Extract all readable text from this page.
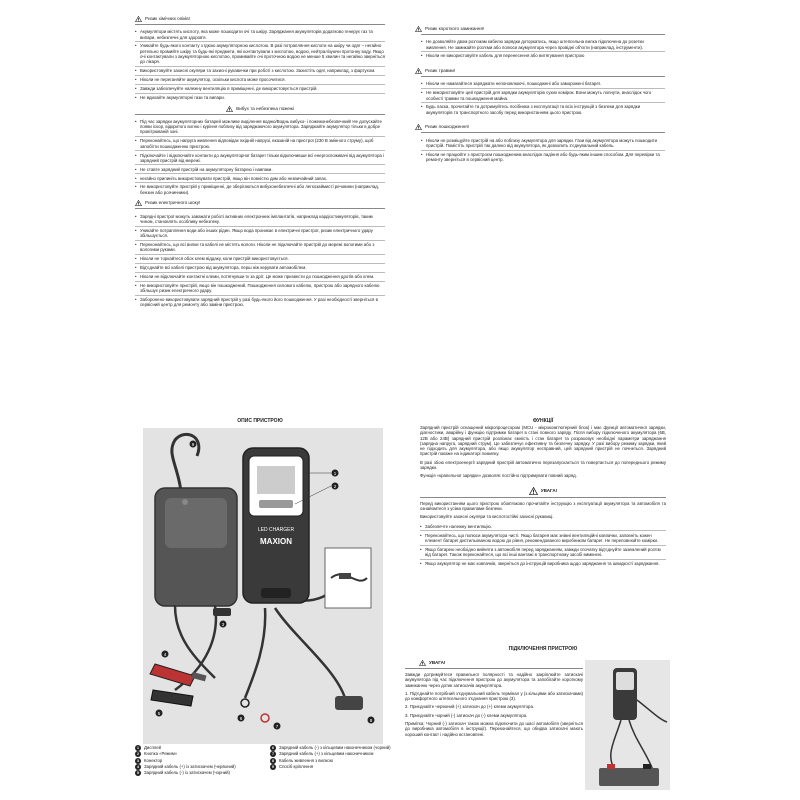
Ризик хімічних опіків!
• Акумулятори містять кислоту, яка може пошкодити очі та шкіру. Заряджання акумуляторів додатково генерує газ та випари, небезпечні для здоров'я.
• Уникайте будь-якого контакту з їдкою акумуляторною кислотою. В разі потрапляння кислоти на шкіру чи одяг – негайно ретельно промийте шкіру та будь-які предмети, які контактували з кислотою, водою, нейтралізуючи протонну воду. Якщо очі контактували з акумуляторною кислотою, промивайте очі проточною водою не менше 5 хвилин та негайно зверніться до лікаря.
• Використовуйте захисні окуляри та захисні рукавички при роботі з кислотою. Захистіть одяг, наприклад, з фартухом.
• Ніколи не переганяйте акумулятор, оскільки кислота може просочитися.
• Завжди забезпечуйте належну вентиляцію в приміщенні, де використовується пристрій.
• Не вдихайте акумуляторні гази та випари.
Вибух та небезпека пожежі
• Під час зарядки акумуляторних батарей можливе виділення водню/Воднь вибухо- і пожежонебезпечний! Не допускайте появи іскор, відкритого вогню і куріння поблизу від заряджаючого акумулятора. Заряджайте акумулятор тільки в добре провітрюваній зоні.
• Переконайтесь, що напруга живлення відповідає вхідній напрузі, вказаній на пристрої (230 В змінного струму), щоб запобігти пошкодженню пристрою.
• Підключайте і відключайте контакти до акумуляторної батареї тільки відключивши всі енергоспоживачі від акумулятора і зарядний пристрій від мережі.
• Не ставте зарядний пристрій на акумуляторну батарею і навпаки.
• негайно припиніть використовувати пристрій, якщо він повністю дим або незвичайний запах.
• Не використовуйте пристрій у приміщенні, де зберігаються вибухонебезпечні або легкозаймисті речовини (наприклад, бензин або розчинники).
Ризик електричного шоку!
• Зарядні пристрої можуть заважати роботі активних електронних імплантатів, наприклад кардіостимуляторів, таким чином, становлять особливу небезпеку.
• Уникайте потрапляння води або інших рідин. Якщо вода проникає в електричні пристрої, ризик електричного удару збільшується.
• Переконайтесь, що всі вилки та кабелі не містять вологи. Ніколи не підключайте пристрій до мережі вологими або з вологими руками.
• Ніколи не торкайтеся обох клем віддаку, коли пристрій використовується.
• Від'єднайте всі кабелі пристрою від акумулятора, перш ніж керувати автомобілем.
• Ніколи не відключайте контактні клеми, потягнувши їх за дріт. Це може призвести до пошкодження дротів або клем.
• Не використовуйте пристрій, якщо він пошкоджений. Пошкодження силового кабелю, пристрою або зарядного кабелю збільшує ризик електричного удару.
• Заборонено використовувати зарядний пристрій у разі будь-якого його пошкодження. У разі необхідності зверніться в сервісний центр для ремонту або заміни пристрою.
Ризик короткого замикання!
• Не дозволяйте двом роз'ємам кабелю зарядки доторкатись, якщо штепсельна вилка підключена до розетки живлення. Не замикайте роз'єми або полюси акумулятора через провідні об'єкти (наприклад, інструменти).
• Ніколи не використовуйте кабель для перенесення або витягування пристрою
Ризик травми!
• Ніколи не намагайтеся заряджати непоновлюючі, пошкоджені або заморожені батареї.
• Не використовуйте цей пристрій для зарядки акумуляторів сухих комірок. Вони можуть лопнути, внаслідок чого особисті травми та пошкодження майна.
• Будь ласка, прочитайте та дотримуйтесь посібника з експлуатації та всіх інструкцій з безпеки для зарядки акумуляторів та транспортного засобу перед використанням цього пристрою.
Ризик пошкодження!
• Ніколи не розміщуйте пристрій на або поблизу акумулятора для зарядки. Гази від акумулятора можуть пошкодити пристрій. Помістіть пристрій так далеко від акумулятора, як дозволить з'єднувальний кабель.
• Ніколи не працюйте з пристроєм пошкодженим внаслідок падіння або будь-яким іншим способом. Для перевірки та ремонту зверніться в сервісний центр.
ОПИС ПРИСТРОЮ
LED CHARGER
MAXION
1
2
3
4
5
6
7
8
9
1	Дисплей
2	Кнопка «Режим»
3	Конектор
4	Зарядний кабель (+) із затискачем (червоний)
5	Зарядний кабель (-) із затискачем (чорний)
6	Зарядний кабель (-) з кільцевим наконечником (чорний)
7	Зарядний кабель (+) з кільцевим наконечником
8	Кабель живлення з вилкою
9	Спосіб кріплення
ФУНКЦІЇ
Зарядний пристрій оснащений мікропроцесором (MCU - мікрокомп'ютерний блок) і має функції автоматичної зарядки, діагностики, аварійну і функцію підтримки батареї в стані повного заряду. Після вибору підключеного акумулятора (6В, 12В або 24В) зарядний пристрій розпізнає ємність і стан батареї та розраховує необхідні параметри заряджання (зарядна напруга, зарядний струм). Це забезпечує ефективну та безпечну зарядку. У разі вибору режиму зарядки, який не підходить для акумулятора, або якщо акумулятор несправний, цей зарядний пристрій не почнеться. Зарядний пристрій покаже на індикаторі помилку.
В разі збою електроенергії зарядний пристрій автоматично перезапускається та повертається до попереднього режиму зарядки.
Функція «крапельної зарядки» дозволяє постійно підтримувати повний заряд.
УВАГА!
Перед використанням цього пристрою обов'язково прочитайте інструкцію з експлуатації акумулятора та автомобіля та ознайомтеся з усіма правилами безпеки.
Використовуйте захисні окуляри та кислотостійкі захисні рукавиці.
• Забезпечте належну вентиляцію.
• Переконайтесь, що полюси акумулятора чисті. Якщо батарея має знімні вентиляційні ковпачки, заповніть кожен елемент батареї дистильованою водою до рівня, рекомендованого виробником батареї. Не переповнюйте комірки.
• Якщо батарею необхідно вийняти з автомобіля перед заряджанням, завжди спочатку від'єднуйте заземлений роз'єм від батареї. Також переконайтеся, що всі інші вантажі в транспортному засобі вимкнені.
• Якщо акумулятор не має ковпачків, зверніться до інструкцій виробника щодо заряджання та швидкості заряджання.
ПІДКЛЮЧЕННЯ ПРИСТРОЮ
УВАГА!
Завжди дотримуйтеся правильної полярності та надійно закріплюйте затискачі акумулятора під час підключення пристрою до акумулятора та запобігайте короткому замиканню через дотик затискачів акумулятора.
1. Під'єднайте потрібний з'єднувальний кабель термінал у (з кільцями або затискачами) до комфортного штепсельного з'єднання пристрою (3).
2. Приєднайте червоний (+) затискач до (+) клеми акумулятора.
3. Приєднайте чорний (-) затискач до (-) клеми акумулятора.
Примітка: Чорний (-) затискач також можна підключити до шасі автомобіля (зверніться до виробника автомобіля в інструкції). Переконайтеся, що обидва затискачі мають хороший контакт і надійно встановлені.
